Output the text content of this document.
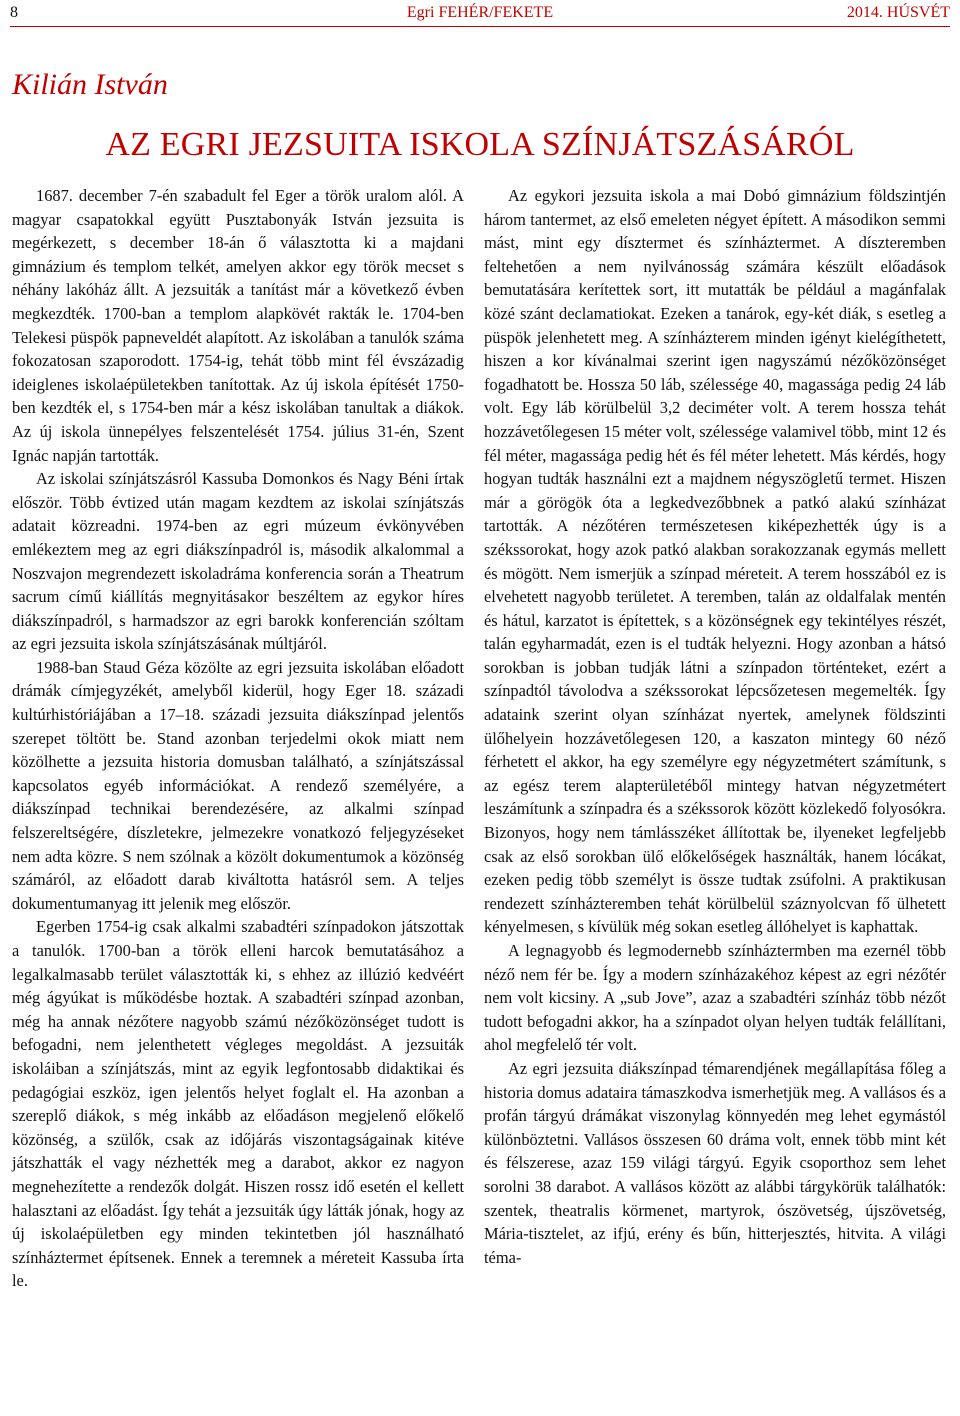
8	Egri FEHÉR/FEKETE	2014. HÚSVÉT
Kilián István
AZ EGRI JEZSUITA ISKOLA SZÍNJÁTSZÁSÁRÓL

1687. december 7-én szabadult fel Eger a török uralom alól. A magyar csapatokkal együtt Pusztabonyák István jezsuita is megérkezett, s december 18-án ő választotta ki a majdani gimnázium és templom telkét, amelyen akkor egy török mecset s néhány lakóház állt. A jezsuiták a tanítást már a következő évben megkezdték. 1700-ban a templom alapkövét rakták le. 1704-ben Telekesi püspök papneveldét alapított. Az iskolában a tanulók száma fokozatosan szaporodott. 1754-ig, tehát több mint fél évszázadig ideiglenes iskolaépületekben tanítottak. Az új iskola építését 1750-ben kezdték el, s 1754-ben már a kész iskolában tanultak a diákok. Az új iskola ünnepélyes felszentelését 1754. július 31-én, Szent Ignác napján tartották.

Az iskolai színjátszásról Kassuba Domonkos és Nagy Béni írtak először. Több évtized után magam kezdtem az iskolai színjátszás adatait közreadni. 1974-ben az egri múzeum évkönyvében emlékeztem meg az egri diákszínpadról is, második alkalommal a Noszvajon megrendezett iskoladráma konferencia során a Theatrum sacrum című kiállítás megnyitásakor beszéltem az egykor híres diákszínpadról, s harmadszor az egri barokk konferencián szóltam az egri jezsuita iskola színjátszásának múltjáról.

1988-ban Staud Géza közölte az egri jezsuita iskolában előadott drámák címjegyzékét, amelyből kiderül, hogy Eger 18. századi kultúrhistóriájában a 17–18. századi jezsuita diákszínpad jelentős szerepet töltött be. Stand azonban terjedelmi okok miatt nem közölhette a jezsuita historia domusban található, a színjátszással kapcsolatos egyéb információkat. A rendező személyére, a diákszínpad technikai berendezésére, az alkalmi színpad felszereltségére, díszletekre, jelmezekre vonatkozó feljegyzéseket nem adta közre. S nem szólnak a közölt dokumentumok a közönség számáról, az előadott darab kiváltotta hatásról sem. A teljes dokumentumanyag itt jelenik meg először.

Egerben 1754-ig csak alkalmi szabadtéri színpadokon játszottak a tanulók. 1700-ban a török elleni harcok bemutatásához a legalkalmasabb terület választották ki, s ehhez az illúzió kedvéért még ágyúkat is működésbe hoztak. A szabadtéri színpad azonban, még ha annak nézőtere nagyobb számú nézőközönséget tudott is befogadni, nem jelenthetett végleges megoldást. A jezsuiták iskoláiban a színjátszás, mint az egyik legfontosabb didaktikai és pedagógiai eszköz, igen jelentős helyet foglalt el. Ha azonban a szereplő diákok, s még inkább az előadáson megjelenő előkelő közönség, a szülők, csak az időjárás viszontagságainak kitéve játszhatták el vagy nézhették meg a darabot, akkor ez nagyon megnehezítette a rendezők dolgát. Hiszen rossz idő esetén el kellett halasztani az előadást. Így tehát a jezsuiták úgy látták jónak, hogy az új iskolaépületben egy minden tekintetben jól használható színháztermet építsenek. Ennek a teremnek a méreteit Kassuba írta le.

Az egykori jezsuita iskola a mai Dobó gimnázium földszintjén három tantermet, az első emeleten négyet épített. A másodikon semmi mást, mint egy dísztermet és színháztermet. A díszteremben feltehetően a nem nyilvánosság számára készült előadások bemutatására kerítettek sort, itt mutatták be például a magánfalak közé szánt declamatiokat. Ezeken a tanárok, egy-két diák, s esetleg a püspök jelenhetett meg. A színházterem minden igényt kielégíthetett, hiszen a kor kívánalmai szerint igen nagyszámú nézőközönséget fogadhatott be. Hossza 50 láb, szélessége 40, magassága pedig 24 láb volt. Egy láb körülbelül 3,2 deciméter volt. A terem hossza tehát hozzávetőlegesen 15 méter volt, szélessége valamivel több, mint 12 és fél méter, magassága pedig hét és fél méter lehetett. Más kérdés, hogy hogyan tudták használni ezt a majdnem négyszögletű termet. Hiszen már a görögök óta a legkedvezőbbnek a patkó alakú színházat tartották. A nézőtéren természetesen kiképezhették úgy is a székssorokat, hogy azok patkó alakban sorakozzanak egymás mellett és mögött. Nem ismerjük a színpad méreteit. A terem hosszából ez is elvehetett nagyobb területet. A teremben, talán az oldalfalak mentén és hátul, karzatot is építettek, s a közönségnek egy tekintélyes részét, talán egyharmadát, ezen is el tudták helyezni. Hogy azonban a hátsó sorokban is jobban tudják látni a színpadon történteket, ezért a színpadtól távolodva a székssorokat lépcsőzetesen megemelték. Így adataink szerint olyan színházat nyertek, amelynek földszinti ülőhelyein hozzávetőlegesen 120, a kaszaton mintegy 60 néző férhetett el akkor, ha egy személyre egy négyzetmétert számítunk, s az egész terem alapterületéből mintegy hatvan négyzetmétert leszámítunk a színpadra és a székssorok között közlekedő folyosókra. Bizonyos, hogy nem támlásszéket állítottak be, ilyeneket legfeljebb csak az első sorokban ülő előkelőségek használták, hanem lócákat, ezeken pedig több személyt is össze tudtak zsúfolni. A praktikusan rendezett színházteremben tehát körülbelül száznyolcvan fő ülhetett kényelmesen, s kívülük még sokan esetleg állóhelyet is kaphattak.

A legnagyobb és legmodernebb színháztermben ma ezernél több néző nem fér be. Így a modern színházakéhoz képest az egri nézőtér nem volt kicsiny. A „sub Jove”, azaz a szabadtéri színház több nézőt tudott befogadni akkor, ha a színpadot olyan helyen tudták felállítani, ahol megfelelő tér volt.

Az egri jezsuita diákszínpad témarendjének megállapítása főleg a historia domus adataira támaszkodva ismerhetjük meg. A vallásos és a profán tárgyú drámákat viszonylag könnyedén meg lehet egymástól különböztetni. Vallásos összesen 60 dráma volt, ennek több mint két és félszerese, azaz 159 világi tárgyú. Egyik csoporthoz sem lehet sorolni 38 darabot. A vallásos között az alábbi tárgykörük találhatók: szentek, theatralis körmenet, martyrok, ószövetség, újszövetség, Mária-tisztelet, az ifjú, erény és bűn, hitterjesztés, hitvita. A világi téma-
